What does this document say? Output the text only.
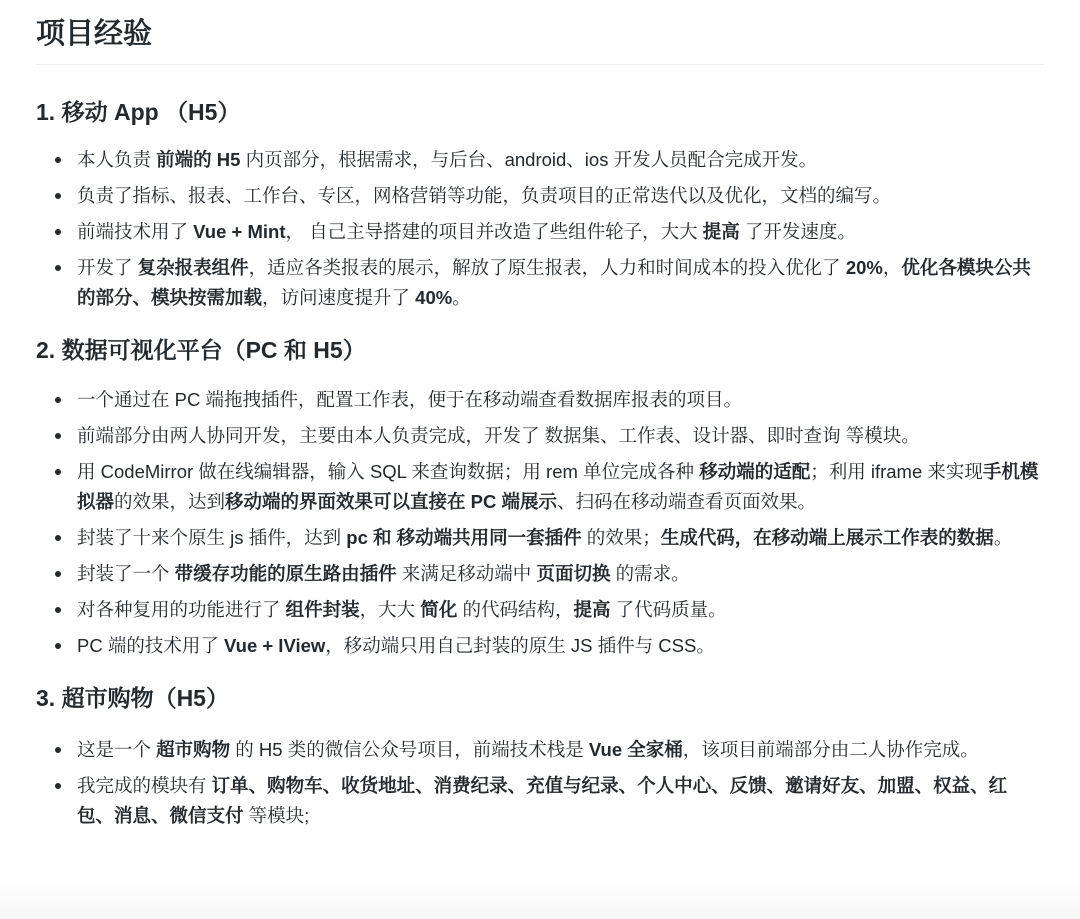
项目经验
1. 移动 App （H5）
本人负责 前端的 H5 内页部分，根据需求，与后台、android、ios 开发人员配合完成开发。
负责了指标、报表、工作台、专区，网格营销等功能，负责项目的正常迭代以及优化，文档的编写。
前端技术用了 Vue + Mint， 自己主导搭建的项目并改造了些组件轮子，大大 提高 了开发速度。
开发了 复杂报表组件，适应各类报表的展示，解放了原生报表，人力和时间成本的投入优化了 20%，优化各模块公共的部分、模块按需加载，访问速度提升了 40%。
2. 数据可视化平台（PC 和 H5）
一个通过在 PC 端拖拽插件，配置工作表，便于在移动端查看数据库报表的项目。
前端部分由两人协同开发，主要由本人负责完成，开发了 数据集、工作表、设计器、即时查询 等模块。
用 CodeMirror 做在线编辑器，输入 SQL 来查询数据；用 rem 单位完成各种 移动端的适配；利用 iframe 来实现手机模拟器的效果，达到移动端的界面效果可以直接在 PC 端展示、扫码在移动端查看页面效果。
封装了十来个原生 js 插件，达到 pc 和 移动端共用同一套插件 的效果；生成代码，在移动端上展示工作表的数据。
封装了一个 带缓存功能的原生路由插件 来满足移动端中 页面切换 的需求。
对各种复用的功能进行了 组件封装，大大 简化 的代码结构，提高 了代码质量。
PC 端的技术用了 Vue + IView，移动端只用自己封装的原生 JS 插件与 CSS。
3. 超市购物（H5）
这是一个 超市购物 的 H5 类的微信公众号项目，前端技术栈是 Vue 全家桶，该项目前端部分由二人协作完成。
我完成的模块有 订单、购物车、收货地址、消费纪录、充值与纪录、个人中心、反馈、邀请好友、加盟、权益、红包、消息、微信支付 等模块;
